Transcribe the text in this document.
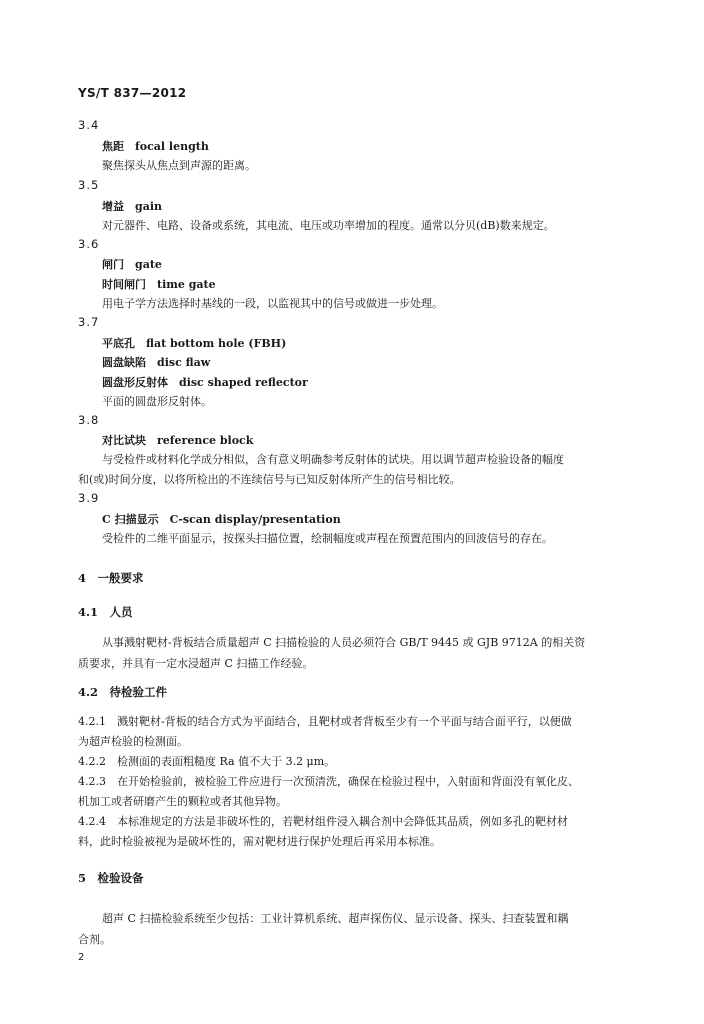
YS/T 837—2012
3.4
焦距　focal length
聚焦探头从焦点到声源的距离。
3.5
增益　gain
对元器件、电路、设备或系统，其电流、电压或功率增加的程度。通常以分贝(dB)数来规定。
3.6
闸门　gate
时间闸门　time gate
用电子学方法选择时基线的一段，以监视其中的信号或做进一步处理。
3.7
平底孔　flat bottom hole (FBH)
圆盘缺陷　disc flaw
圆盘形反射体　disc shaped reflector
平面的圆盘形反射体。
3.8
对比试块　reference block
与受检件或材料化学成分相似，含有意义明确参考反射体的试块。用以调节超声检验设备的幅度
和(或)时间分度，以将所检出的不连续信号与已知反射体所产生的信号相比较。
3.9
C 扫描显示　C-scan display/presentation
受检件的二维平面显示，按探头扫描位置，绘制幅度或声程在预置范围内的回波信号的存在。
4　一般要求
4.1　人员
从事溅射靶材-背板结合质量超声 C 扫描检验的人员必须符合 GB/T 9445 或 GJB 9712A 的相关资
质要求，并具有一定水浸超声 C 扫描工作经验。
4.2　待检验工件
4.2.1　溅射靶材-背板的结合方式为平面结合，且靶材或者背板至少有一个平面与结合面平行，以便做
为超声检验的检测面。
4.2.2　检测面的表面粗糙度 Ra 值不大于 3.2 μm。
4.2.3　在开始检验前，被检验工件应进行一次预清洗，确保在检验过程中，入射面和背面没有氧化皮、
机加工或者研磨产生的颗粒或者其他异物。
4.2.4　本标准规定的方法是非破坏性的，若靶材组件浸入耦合剂中会降低其品质，例如多孔的靶材材
料，此时检验被视为是破坏性的，需对靶材进行保护处理后再采用本标准。
5　检验设备
超声 C 扫描检验系统至少包括：工业计算机系统、超声探伤仪、显示设备、探头、扫查装置和耦
合剂。
2
